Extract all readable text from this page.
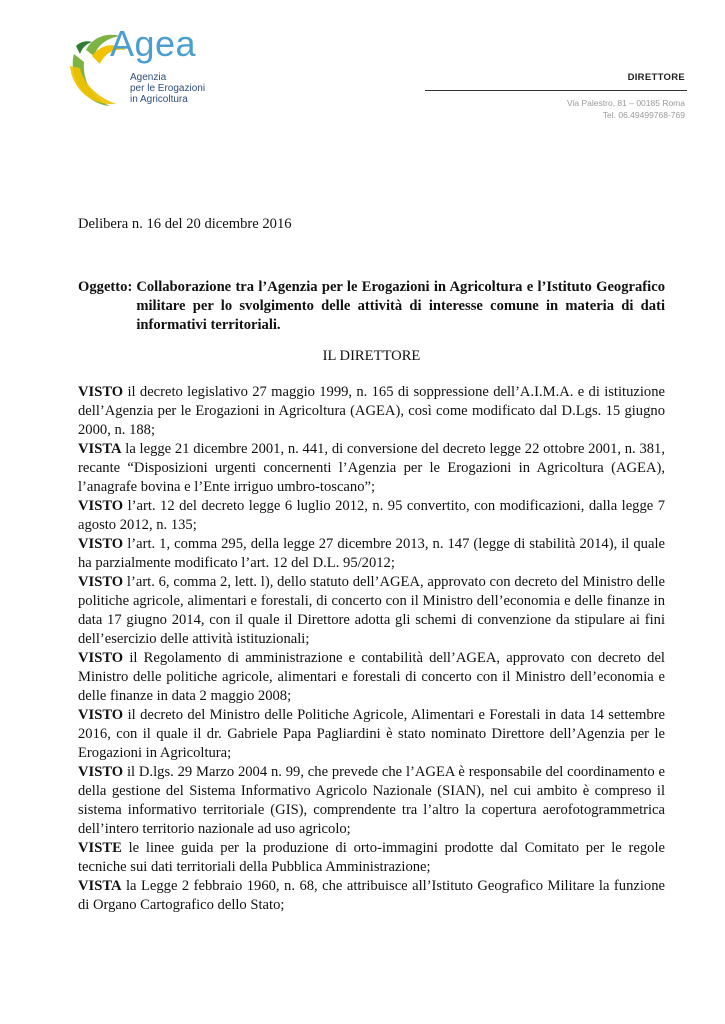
Agea
Agenzia
per le Erogazioni
in Agricoltura
DIRETTORE
Via Palestro, 81 – 00185 Roma
Tel. 06.49499768-769

Delibera n. 16 del 20 dicembre 2016

Oggetto: Collaborazione tra l’Agenzia per le Erogazioni in Agricoltura e l’Istituto Geografico militare per lo svolgimento delle attività di interesse comune in materia di dati informativi territoriali.
IL DIRETTORE

VISTO il decreto legislativo 27 maggio 1999, n. 165 di soppressione dell’A.I.M.A. e di istituzione dell’Agenzia per le Erogazioni in Agricoltura (AGEA), così come modificato dal D.Lgs. 15 giugno 2000, n. 188;

VISTA la legge 21 dicembre 2001, n. 441, di conversione del decreto legge 22 ottobre 2001, n. 381, recante “Disposizioni urgenti concernenti l’Agenzia per le Erogazioni in Agricoltura (AGEA), l’anagrafe bovina e l’Ente irriguo umbro-toscano”;

VISTO l’art. 12 del decreto legge 6 luglio 2012, n. 95 convertito, con modificazioni, dalla legge 7 agosto 2012, n. 135;

VISTO l’art. 1, comma 295, della legge 27 dicembre 2013, n. 147 (legge di stabilità 2014), il quale ha parzialmente modificato l’art. 12 del D.L. 95/2012;

VISTO l’art. 6, comma 2, lett. l), dello statuto dell’AGEA, approvato con decreto del Ministro delle politiche agricole, alimentari e forestali, di concerto con il Ministro dell’economia e delle finanze in data 17 giugno 2014, con il quale il Direttore adotta gli schemi di convenzione da stipulare ai fini dell’esercizio delle attività istituzionali;

VISTO il Regolamento di amministrazione e contabilità dell’AGEA, approvato con decreto del Ministro delle politiche agricole, alimentari e forestali di concerto con il Ministro dell’economia e delle finanze in data 2 maggio 2008;

VISTO il decreto del Ministro delle Politiche Agricole, Alimentari e Forestali in data 14 settembre 2016, con il quale il dr. Gabriele Papa Pagliardini è stato nominato Direttore dell’Agenzia per le Erogazioni in Agricoltura;

VISTO il D.lgs. 29 Marzo 2004 n. 99, che prevede che l’AGEA è responsabile del coordinamento e della gestione del Sistema Informativo Agricolo Nazionale (SIAN), nel cui ambito è compreso il sistema informativo territoriale (GIS), comprendente tra l’altro la copertura aerofotogrammetrica dell’intero territorio nazionale ad uso agricolo;

VISTE le linee guida per la produzione di orto-immagini prodotte dal Comitato per le regole tecniche sui dati territoriali della Pubblica Amministrazione;

VISTA la Legge 2 febbraio 1960, n. 68, che attribuisce all’Istituto Geografico Militare la funzione di Organo Cartografico dello Stato;
